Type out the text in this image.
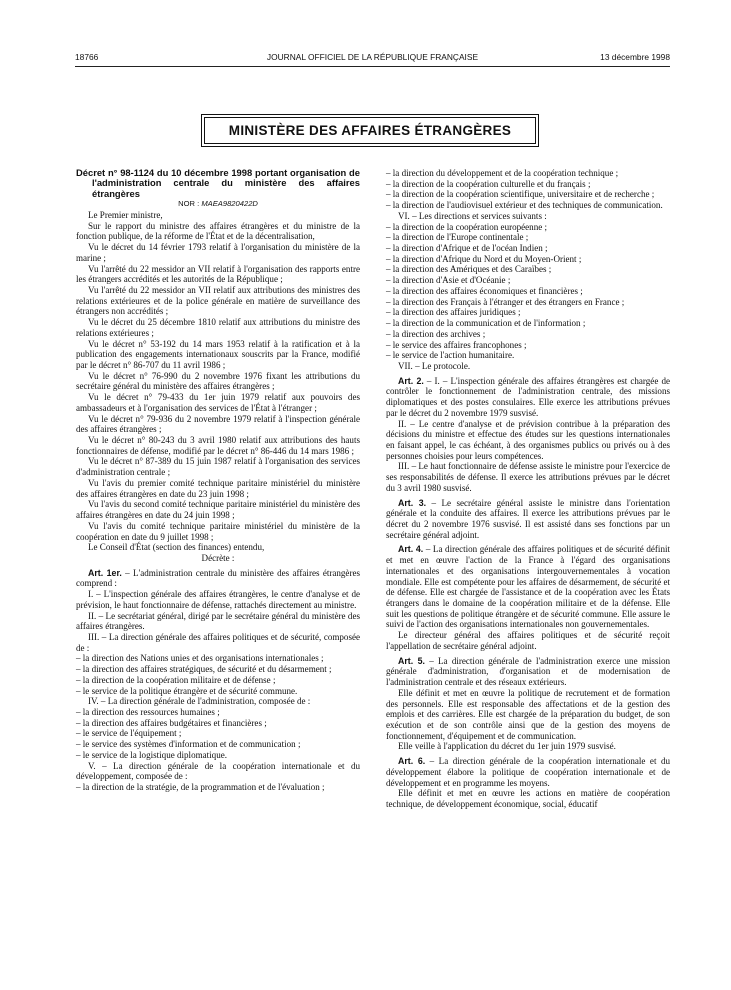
18766	JOURNAL OFFICIEL DE LA RÉPUBLIQUE FRANÇAISE	13 décembre 1998
MINISTÈRE DES AFFAIRES ÉTRANGÈRES

Décret n° 98-1124 du 10 décembre 1998 portant organisation de l'administration centrale du ministère des affaires étrangères

NOR : MAEA9820422D

Le Premier ministre,

Sur le rapport du ministre des affaires étrangères et du ministre de la fonction publique, de la réforme de l'État et de la décentralisation,

Vu le décret du 14 février 1793 relatif à l'organisation du ministère de la marine ;

Vu l'arrêté du 22 messidor an VII relatif à l'organisation des rapports entre les étrangers accrédités et les autorités de la République ;

Vu l'arrêté du 22 messidor an VII relatif aux attributions des ministres des relations extérieures et de la police générale en matière de surveillance des étrangers non accrédités ;

Vu le décret du 25 décembre 1810 relatif aux attributions du ministre des relations extérieures ;

Vu le décret n° 53-192 du 14 mars 1953 relatif à la ratification et à la publication des engagements internationaux souscrits par la France, modifié par le décret n° 86-707 du 11 avril 1986 ;

Vu le décret n° 76-990 du 2 novembre 1976 fixant les attributions du secrétaire général du ministère des affaires étrangères ;

Vu le décret n° 79-433 du 1er juin 1979 relatif aux pouvoirs des ambassadeurs et à l'organisation des services de l'État à l'étranger ;

Vu le décret n° 79-936 du 2 novembre 1979 relatif à l'inspection générale des affaires étrangères ;

Vu le décret n° 80-243 du 3 avril 1980 relatif aux attributions des hauts fonctionnaires de défense, modifié par le décret n° 86-446 du 14 mars 1986 ;

Vu le décret n° 87-389 du 15 juin 1987 relatif à l'organisation des services d'administration centrale ;

Vu l'avis du premier comité technique paritaire ministériel du ministère des affaires étrangères en date du 23 juin 1998 ;

Vu l'avis du second comité technique paritaire ministériel du ministère des affaires étrangères en date du 24 juin 1998 ;

Vu l'avis du comité technique paritaire ministériel du ministère de la coopération en date du 9 juillet 1998 ;

Le Conseil d'État (section des finances) entendu,

Décrète :

Art. 1er. – L'administration centrale du ministère des affaires étrangères comprend :

I. – L'inspection générale des affaires étrangères, le centre d'analyse et de prévision, le haut fonctionnaire de défense, rattachés directement au ministre.

II. – Le secrétariat général, dirigé par le secrétaire général du ministère des affaires étrangères.

III. – La direction générale des affaires politiques et de sécurité, composée de :

– la direction des Nations unies et des organisations internationales ;

– la direction des affaires stratégiques, de sécurité et du désarmement ;

– la direction de la coopération militaire et de défense ;

– le service de la politique étrangère et de sécurité commune.

IV. – La direction générale de l'administration, composée de :

– la direction des ressources humaines ;

– la direction des affaires budgétaires et financières ;

– le service de l'équipement ;

– le service des systèmes d'information et de communication ;

– le service de la logistique diplomatique.

V. – La direction générale de la coopération internationale et du développement, composée de :

– la direction de la stratégie, de la programmation et de l'évaluation ;

– la direction du développement et de la coopération technique ;

– la direction de la coopération culturelle et du français ;

– la direction de la coopération scientifique, universitaire et de recherche ;

– la direction de l'audiovisuel extérieur et des techniques de communication.

VI. – Les directions et services suivants :

– la direction de la coopération européenne ;

– la direction de l'Europe continentale ;

– la direction d'Afrique et de l'océan Indien ;

– la direction d'Afrique du Nord et du Moyen-Orient ;

– la direction des Amériques et des Caraïbes ;

– la direction d'Asie et d'Océanie ;

– la direction des affaires économiques et financières ;

– la direction des Français à l'étranger et des étrangers en France ;

– la direction des affaires juridiques ;

– la direction de la communication et de l'information ;

– la direction des archives ;

– le service des affaires francophones ;

– le service de l'action humanitaire.

VII. – Le protocole.

Art. 2. – I. – L'inspection générale des affaires étrangères est chargée de contrôler le fonctionnement de l'administration centrale, des missions diplomatiques et des postes consulaires. Elle exerce les attributions prévues par le décret du 2 novembre 1979 susvisé.

II. – Le centre d'analyse et de prévision contribue à la préparation des décisions du ministre et effectue des études sur les questions internationales en faisant appel, le cas échéant, à des organismes publics ou privés ou à des personnes choisies pour leurs compétences.

III. – Le haut fonctionnaire de défense assiste le ministre pour l'exercice de ses responsabilités de défense. Il exerce les attributions prévues par le décret du 3 avril 1980 susvisé.

Art. 3. – Le secrétaire général assiste le ministre dans l'orientation générale et la conduite des affaires. Il exerce les attributions prévues par le décret du 2 novembre 1976 susvisé. Il est assisté dans ses fonctions par un secrétaire général adjoint.

Art. 4. – La direction générale des affaires politiques et de sécurité définit et met en œuvre l'action de la France à l'égard des organisations internationales et des organisations intergouvernementales à vocation mondiale. Elle est compétente pour les affaires de désarmement, de sécurité et de défense. Elle est chargée de l'assistance et de la coopération avec les États étrangers dans le domaine de la coopération militaire et de la défense. Elle suit les questions de politique étrangère et de sécurité commune. Elle assure le suivi de l'action des organisations internationales non gouvernementales.

Le directeur général des affaires politiques et de sécurité reçoit l'appellation de secrétaire général adjoint.

Art. 5. – La direction générale de l'administration exerce une mission générale d'administration, d'organisation et de modernisation de l'administration centrale et des réseaux extérieurs.

Elle définit et met en œuvre la politique de recrutement et de formation des personnels. Elle est responsable des affectations et de la gestion des emplois et des carrières. Elle est chargée de la préparation du budget, de son exécution et de son contrôle ainsi que de la gestion des moyens de fonctionnement, d'équipement et de communication.

Elle veille à l'application du décret du 1er juin 1979 susvisé.

Art. 6. – La direction générale de la coopération internationale et du développement élabore la politique de coopération internationale et de développement et en programme les moyens.

Elle définit et met en œuvre les actions en matière de coopération technique, de développement économique, social, éducatif
